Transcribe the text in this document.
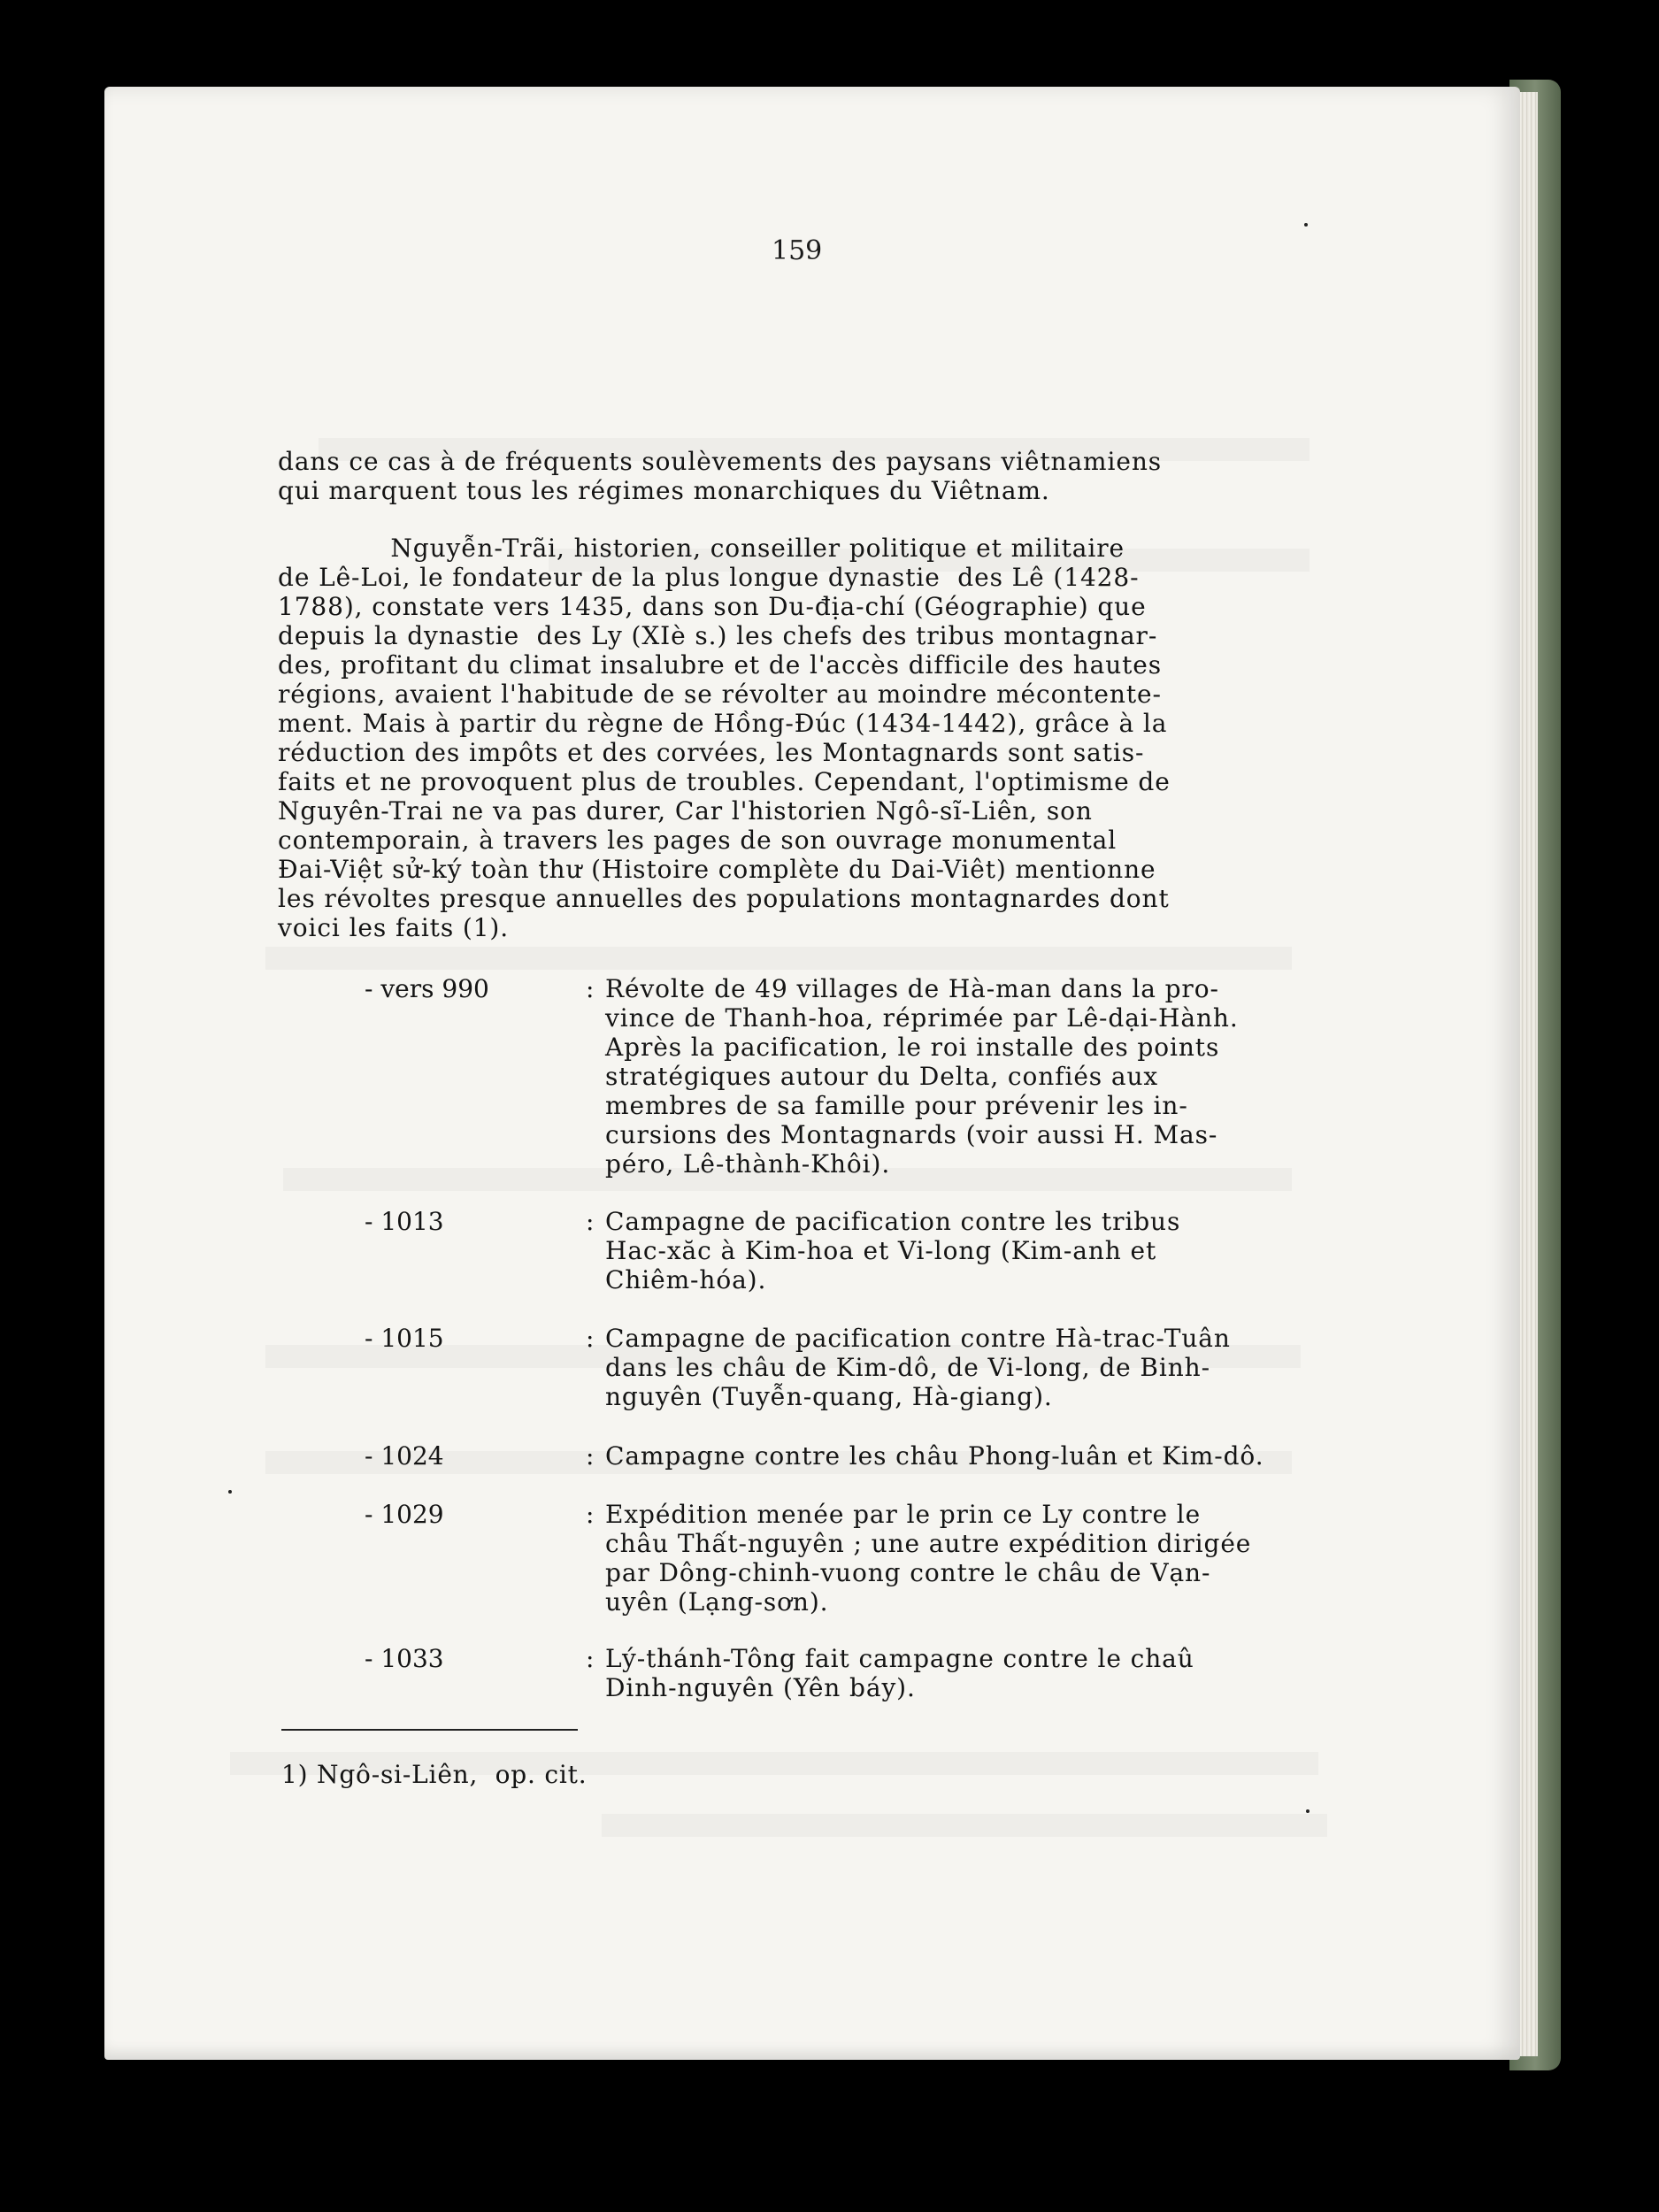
159
dans ce cas à de fréquents soulèvements des paysans viêtnamiens
qui marquent tous les régimes monarchiques du Viêtnam.
Nguyễn-Trãi, historien, conseiller politique et militaire
de Lê-Loi, le fondateur de la plus longue dynastie  des Lê (1428-
1788), constate vers 1435, dans son Du-địa-chí (Géographie) que
depuis la dynastie  des Ly (XIè s.) les chefs des tribus montagnar-
des, profitant du climat insalubre et de l'accès difficile des hautes
régions, avaient l'habitude de se révolter au moindre mécontente-
ment. Mais à partir du règne de Hồng-Đúc (1434-1442), grâce à la
réduction des impôts et des corvées, les Montagnards sont satis-
faits et ne provoquent plus de troubles. Cependant, l'optimisme de
Nguyên-Trai ne va pas durer, Car l'historien Ngô-sĩ-Liên, son
contemporain, à travers les pages de son ouvrage monumental
Đai-Việt sử-ký toàn thư (Histoire complète du Dai-Viêt) mentionne
les révoltes presque annuelles des populations montagnardes dont
voici les faits (1).
- vers 990	: Révolte de 49 villages de Hà-man dans la pro-
vince de Thanh-hoa, réprimée par Lê-dại-Hành.
Après la pacification, le roi installe des points
stratégiques autour du Delta, confiés aux
membres de sa famille pour prévenir les in-
cursions des Montagnards (voir aussi H. Mas-
péro, Lê-thành-Khôi).
- 1013	: Campagne de pacification contre les tribus
Hac-xăc à Kim-hoa et Vi-long (Kim-anh et
Chiêm-hóa).
- 1015	: Campagne de pacification contre Hà-trac-Tuân
dans les châu de Kim-dô, de Vi-long, de Binh-
nguyên (Tuyễn-quang, Hà-giang).
- 1024	: Campagne contre les châu Phong-luân et Kim-dô.
- 1029	: Expédition menée par le prin ce Ly contre le
châu Thất-nguyên ; une autre expédition dirigée
par Dông-chinh-vuong contre le châu de Vạn-
uyên (Lạng-sơn).
- 1033	: Lý-thánh-Tông fait campagne contre le chaû
Dinh-nguyên (Yên báy).
1) Ngô-si-Liên,  op. cit.
